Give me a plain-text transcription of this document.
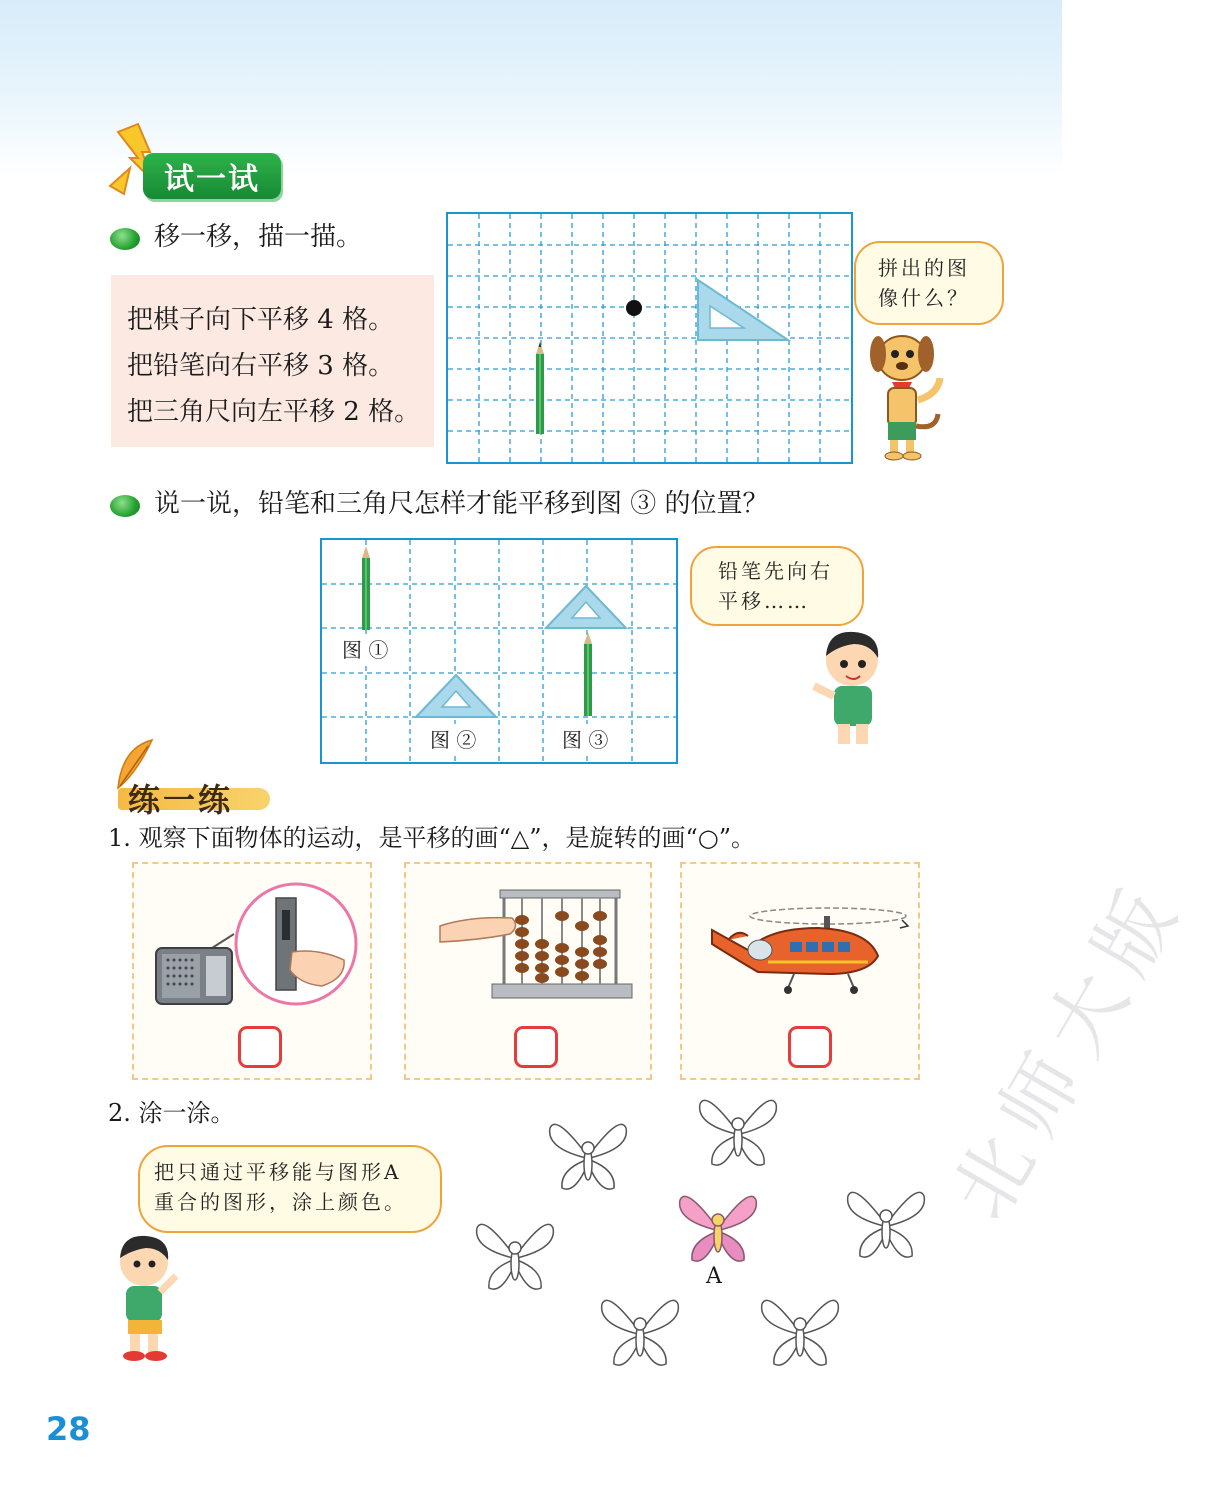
试一试
移一移，描一描。
把棋子向下平移 4 格。
把铅笔向右平移 3 格。
把三角尺向左平移 2 格。
拼出的图
像什么？
说一说，铅笔和三角尺怎样才能平移到图 ③ 的位置？
图 ①
图 ②	图 ③
铅笔先向右
平移……
练一练
1. 观察下面物体的运动，是平移的画“△”，是旋转的画“○”。
2. 涂一涂。
把只通过平移能与图形A
重合的图形，涂上颜色。
A
北师大版
28
